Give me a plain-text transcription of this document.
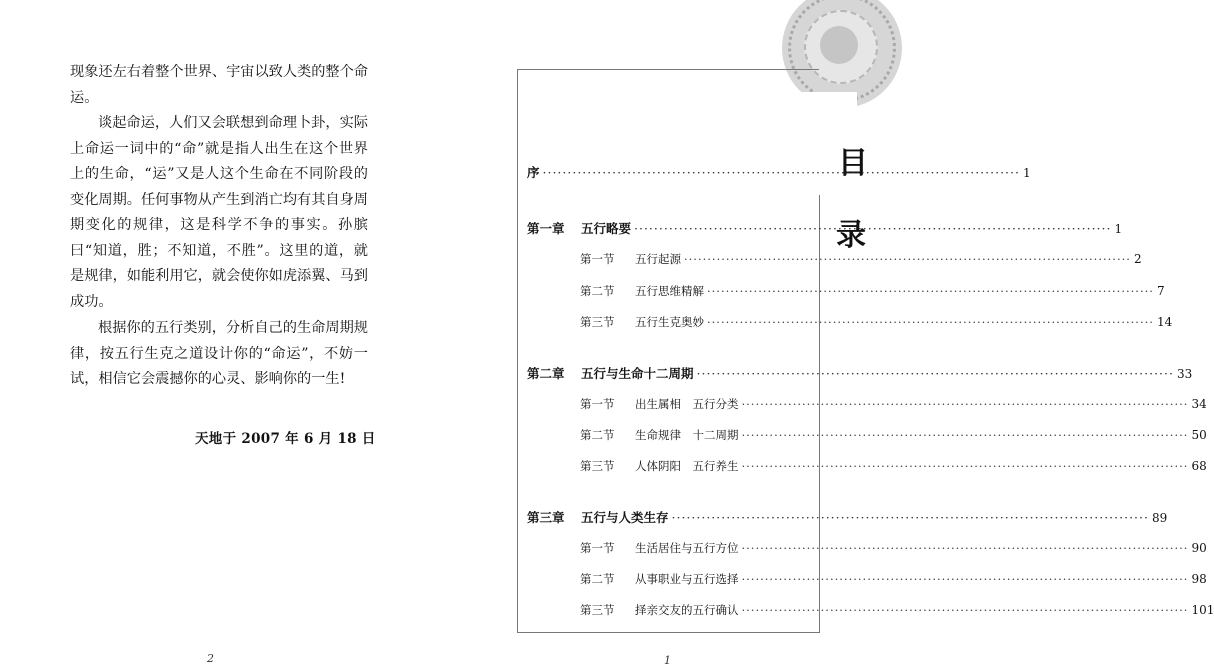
现象还左右着整个世界、宇宙以致人类的整个命运。

谈起命运，人们又会联想到命理卜卦，实际上命运一词中的“命”就是指人出生在这个世界上的生命，“运”又是人这个生命在不同阶段的变化周期。任何事物从产生到消亡均有其自身周期变化的规律，这是科学不争的事实。孙膑曰“知道，胜；不知道，不胜”。这里的道，就是规律，如能利用它，就会使你如虎添翼、马到成功。

根据你的五行类别，分析自己的生命周期规律，按五行生克之道设计你的“命运”，不妨一试，相信它会震撼你的心灵、影响你的一生!

天地于 2007 年 6 月 18 日
2
目
录
序 ·····	1
第一章	五行略要 ·····	1
第一节	五行起源 ·····	2
第二节	五行思维精解 ·····	7
第三节	五行生克奥妙 ·····	14
第二章	五行与生命十二周期 ·····	33
第一节	出生属相　五行分类 ·····	34
第二节	生命规律　十二周期 ·····	50
第三节	人体阴阳　五行养生 ·····	68
第三章	五行与人类生存 ·····	89
第一节	生活居住与五行方位 ·····	90
第二节	从事职业与五行选择 ·····	98
第三节	择亲交友的五行确认 ·····	101
1
